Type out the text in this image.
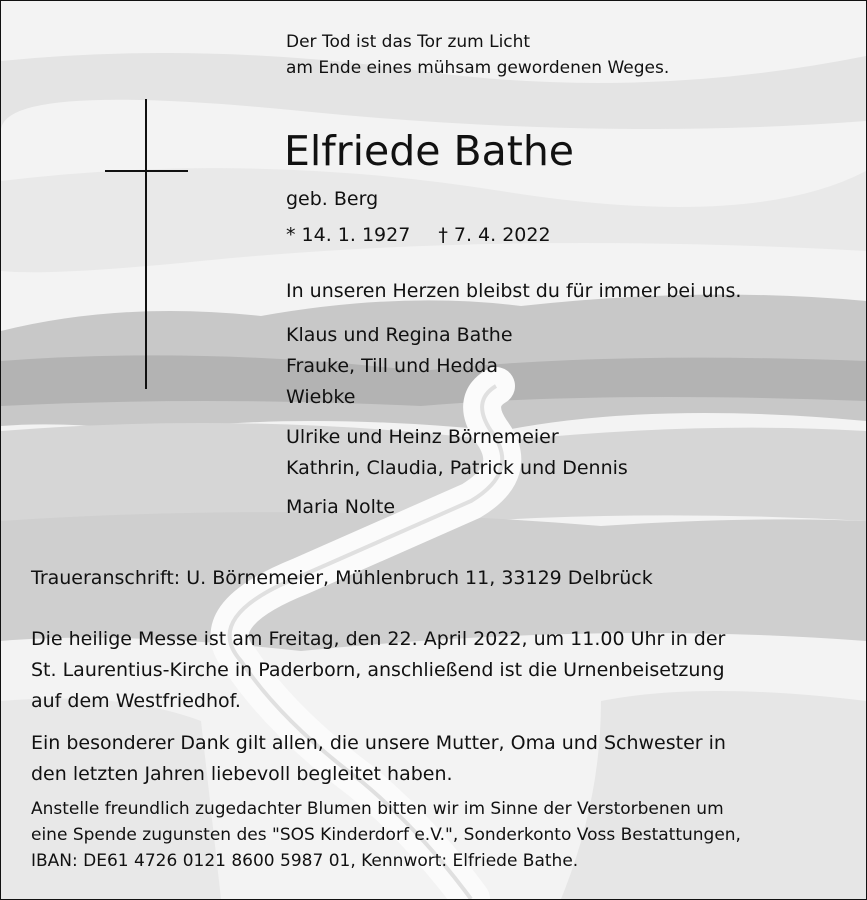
Der Tod ist das Tor zum Licht
am Ende eines mühsam gewordenen Weges.
Elfriede Bathe
geb. Berg
* 14. 1. 1927 † 7. 4. 2022
In unseren Herzen bleibst du für immer bei uns.
Klaus und Regina Bathe
Frauke, Till und Hedda
Wiebke
Ulrike und Heinz Börnemeier
Kathrin, Claudia, Patrick und Dennis
Maria Nolte
Traueranschrift: U. Börnemeier, Mühlenbruch 11, 33129 Delbrück
Die heilige Messe ist am Freitag, den 22. April 2022, um 11.00 Uhr in der
St. Laurentius-Kirche in Paderborn, anschließend ist die Urnenbeisetzung
auf dem Westfriedhof.
Ein besonderer Dank gilt allen, die unsere Mutter, Oma und Schwester in
den letzten Jahren liebevoll begleitet haben.
Anstelle freundlich zugedachter Blumen bitten wir im Sinne der Verstorbenen um
eine Spende zugunsten des "SOS Kinderdorf e.V.", Sonderkonto Voss Bestattungen,
IBAN: DE61 4726 0121 8600 5987 01, Kennwort: Elfriede Bathe.
